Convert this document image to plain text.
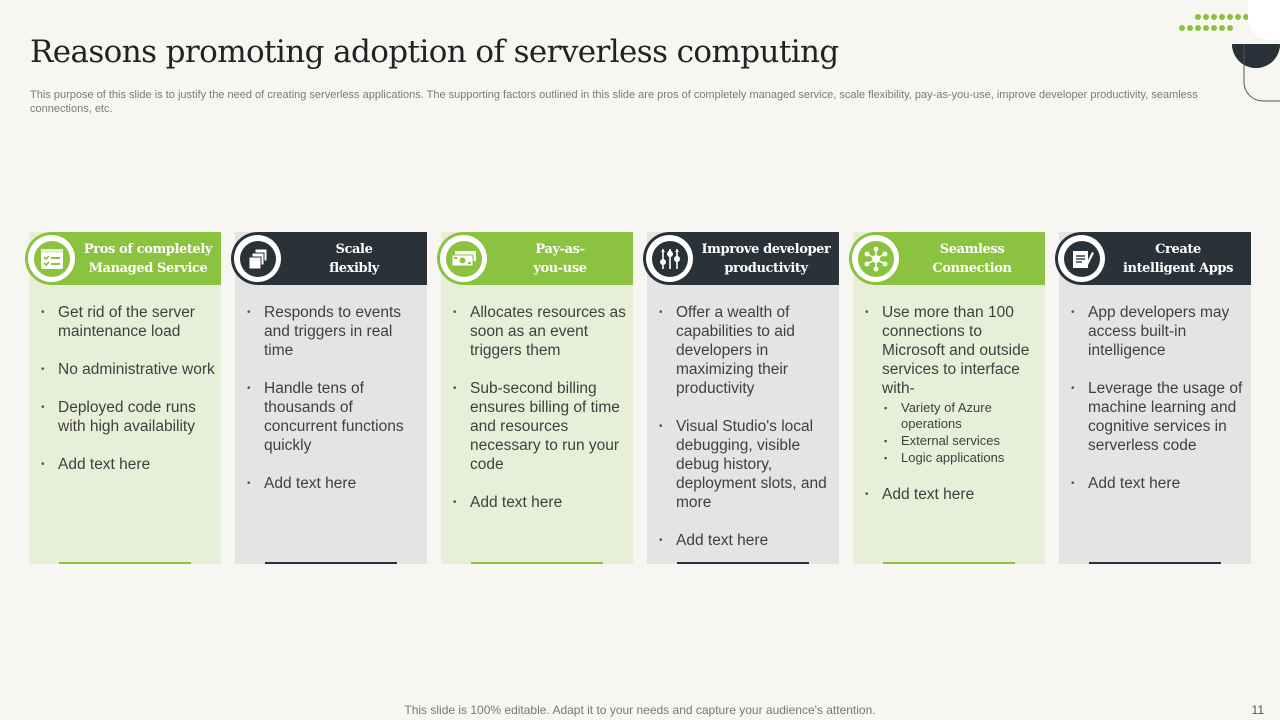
Reasons promoting adoption of serverless computing
This purpose of this slide is to justify the need of creating serverless applications. The supporting factors outlined in this slide are pros of completely managed service, scale flexibility, pay-as-you-use, improve developer productivity, seamless connections, etc.
Pros of completely
Managed Service
• Get rid of the server maintenance load
• No administrative work
• Deployed code runs with high availability
• Add text here
Scale
flexibly
• Responds to events and triggers in real time
• Handle tens of thousands of concurrent functions quickly
• Add text here
Pay-as-
you-use
• Allocates resources as soon as an event triggers them
• Sub-second billing ensures billing of time and resources necessary to run your code
• Add text here
Improve developer
productivity
• Offer a wealth of capabilities to aid developers in maximizing their productivity
• Visual Studio's local debugging, visible debug history, deployment slots, and more
• Add text here
Seamless
Connection
• Use more than 100 connections to Microsoft and outside services to interface with-
▪ Variety of Azure operations
▪ External services
▪ Logic applications
• Add text here
Create
intelligent Apps
• App developers may access built-in intelligence
• Leverage the usage of machine learning and cognitive services in serverless code
• Add text here
This slide is 100% editable. Adapt it to your needs and capture your audience's attention.	11
